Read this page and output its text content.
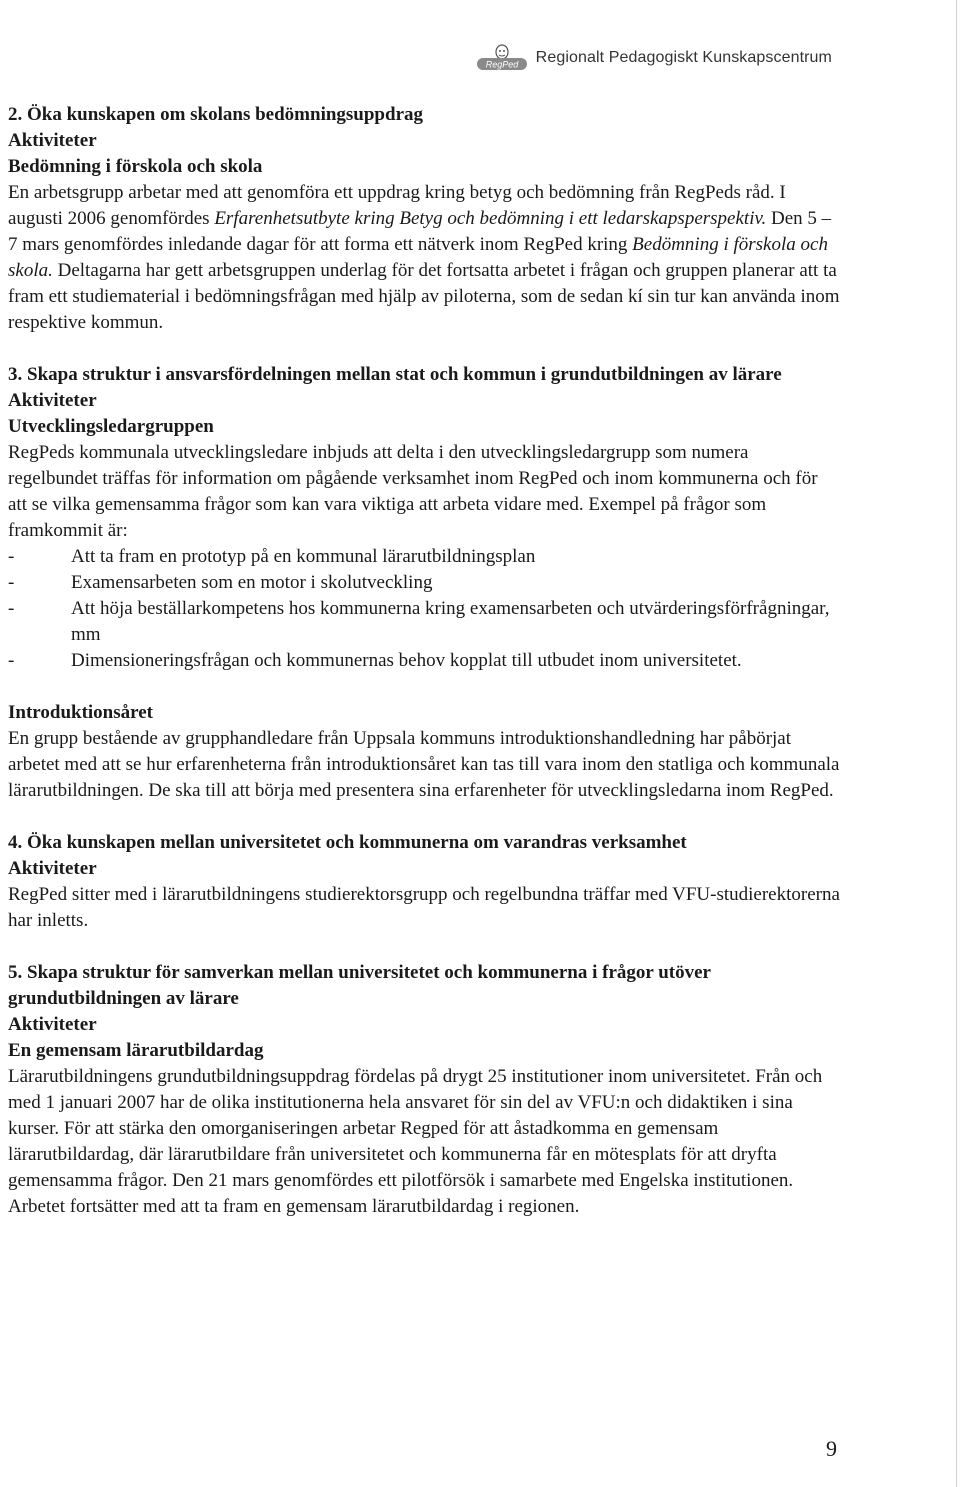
RegPed Regionalt Pedagogiskt Kunskapscentrum

2. Öka kunskapen om skolans bedömningsuppdrag

Aktiviteter

Bedömning i förskola och skola

En arbetsgrupp arbetar med att genomföra ett uppdrag kring betyg och bedömning från RegPeds råd. I augusti 2006 genomfördes Erfarenhetsutbyte kring Betyg och bedömning i ett ledarskapsperspektiv. Den 5 – 7 mars genomfördes inledande dagar för att forma ett nätverk inom RegPed kring Bedömning i förskola och skola. Deltagarna har gett arbetsgruppen underlag för det fortsatta arbetet i frågan och gruppen planerar att ta fram ett studiematerial i bedömningsfrågan med hjälp av piloterna, som de sedan kí sin tur kan använda inom respektive kommun.

3. Skapa struktur i ansvarsfördelningen mellan stat och kommun i grundutbildningen av lärare

Aktiviteter

Utvecklingsledargruppen

RegPeds kommunala utvecklingsledare inbjuds att delta i den utvecklingsledargrupp som numera regelbundet träffas för information om pågående verksamhet inom RegPed och inom kommunerna och för att se vilka gemensamma frågor som kan vara viktiga att arbeta vidare med. Exempel på frågor som framkommit är:

-	Att ta fram en prototyp på en kommunal lärarutbildningsplan
-	Examensarbeten som en motor i skolutveckling
-	Att höja beställarkompetens hos kommunerna kring examensarbeten och utvärderingsförfrågningar, mm
-	Dimensioneringsfrågan och kommunernas behov kopplat till utbudet inom universitetet.

Introduktionsåret

En grupp bestående av grupphandledare från Uppsala kommuns introduktionshandledning har påbörjat arbetet med att se hur erfarenheterna från introduktionsåret kan tas till vara inom den statliga och kommunala lärarutbildningen. De ska till att börja med presentera sina erfarenheter för utvecklingsledarna inom RegPed.

4. Öka kunskapen mellan universitetet och kommunerna om varandras verksamhet

Aktiviteter

RegPed sitter med i lärarutbildningens studierektorsgrupp och regelbundna träffar med VFU-studierektorerna har inletts.

5. Skapa struktur för samverkan mellan universitetet och kommunerna i frågor utöver grundutbildningen av lärare

Aktiviteter

En gemensam lärarutbildardag

Lärarutbildningens grundutbildningsuppdrag fördelas på drygt 25 institutioner inom universitetet. Från och med 1 januari 2007 har de olika institutionerna hela ansvaret för sin del av VFU:n och didaktiken i sina kurser. För att stärka den omorganiseringen arbetar Regped för att åstadkomma en gemensam lärarutbildardag, där lärarutbildare från universitetet och kommunerna får en mötesplats för att dryfta gemensamma frågor. Den 21 mars genomfördes ett pilotförsök i samarbete med Engelska institutionen. Arbetet fortsätter med att ta fram en gemensam lärarutbildardag i regionen.

9
